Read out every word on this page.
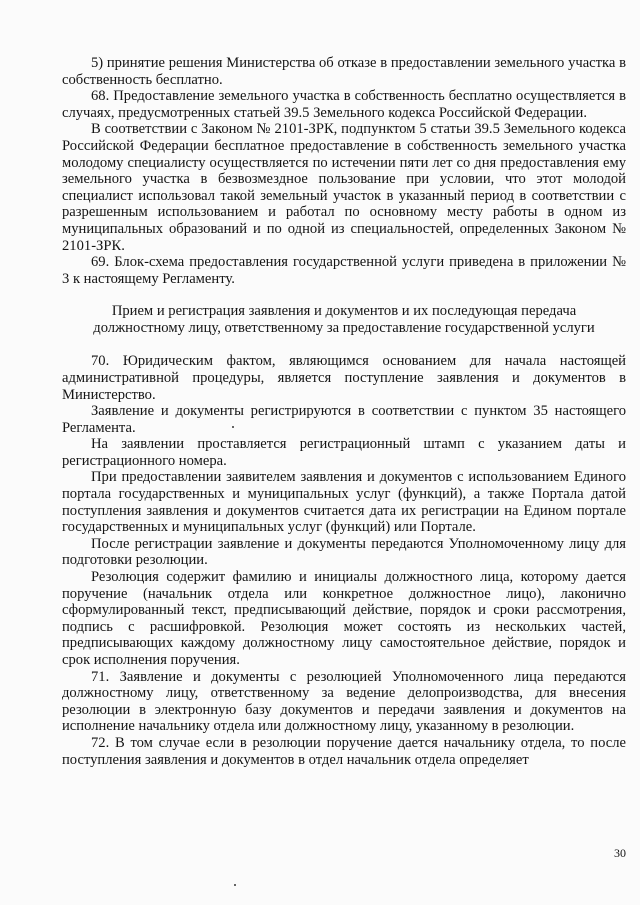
5) принятие решения Министерства об отказе в предоставлении земельного участка в собственность бесплатно.

68. Предоставление земельного участка в собственность бесплатно осуществляется в случаях, предусмотренных статьей 39.5 Земельного кодекса Российской Федерации.

В соответствии с Законом № 2101-ЗРК, подпунктом 5 статьи 39.5 Земельного кодекса Российской Федерации бесплатное предоставление в собственность земельного участка молодому специалисту осуществляется по истечении пяти лет со дня предоставления ему земельного участка в безвозмездное пользование при условии, что этот молодой специалист использовал такой земельный участок в указанный период в соответствии с разрешенным использованием и работал по основному месту работы в одном из муниципальных образований и по одной из специальностей, определенных Законом № 2101-ЗРК.

69. Блок-схема предоставления государственной услуги приведена в приложении № 3 к настоящему Регламенту.

Прием и регистрация заявления и документов и их последующая передача

должностному лицу, ответственному за предоставление государственной услуги

70. Юридическим фактом, являющимся основанием для начала настоящей административной процедуры, является поступление заявления и документов в Министерство.

Заявление и документы регистрируются в соответствии с пунктом 35 настоящего Регламента.

На заявлении проставляется регистрационный штамп с указанием даты и регистрационного номера.

При предоставлении заявителем заявления и документов с использованием Единого портала государственных и муниципальных услуг (функций), а также Портала датой поступления заявления и документов считается дата их регистрации на Едином портале государственных и муниципальных услуг (функций) или Портале.

После регистрации заявление и документы передаются Уполномоченному лицу для подготовки резолюции.

Резолюция содержит фамилию и инициалы должностного лица, которому дается поручение (начальник отдела или конкретное должностное лицо), лаконично сформулированный текст, предписывающий действие, порядок и сроки рассмотрения, подпись с расшифровкой. Резолюция может состоять из нескольких частей, предписывающих каждому должностному лицу самостоятельное действие, порядок и срок исполнения поручения.

71. Заявление и документы с резолюцией Уполномоченного лица передаются должностному лицу, ответственному за ведение делопроизводства, для внесения резолюции в электронную базу документов и передачи заявления и документов на исполнение начальнику отдела или должностному лицу, указанному в резолюции.

72. В том случае если в резолюции поручение дается начальнику отдела, то после поступления заявления и документов в отдел начальник отдела определяет

30
